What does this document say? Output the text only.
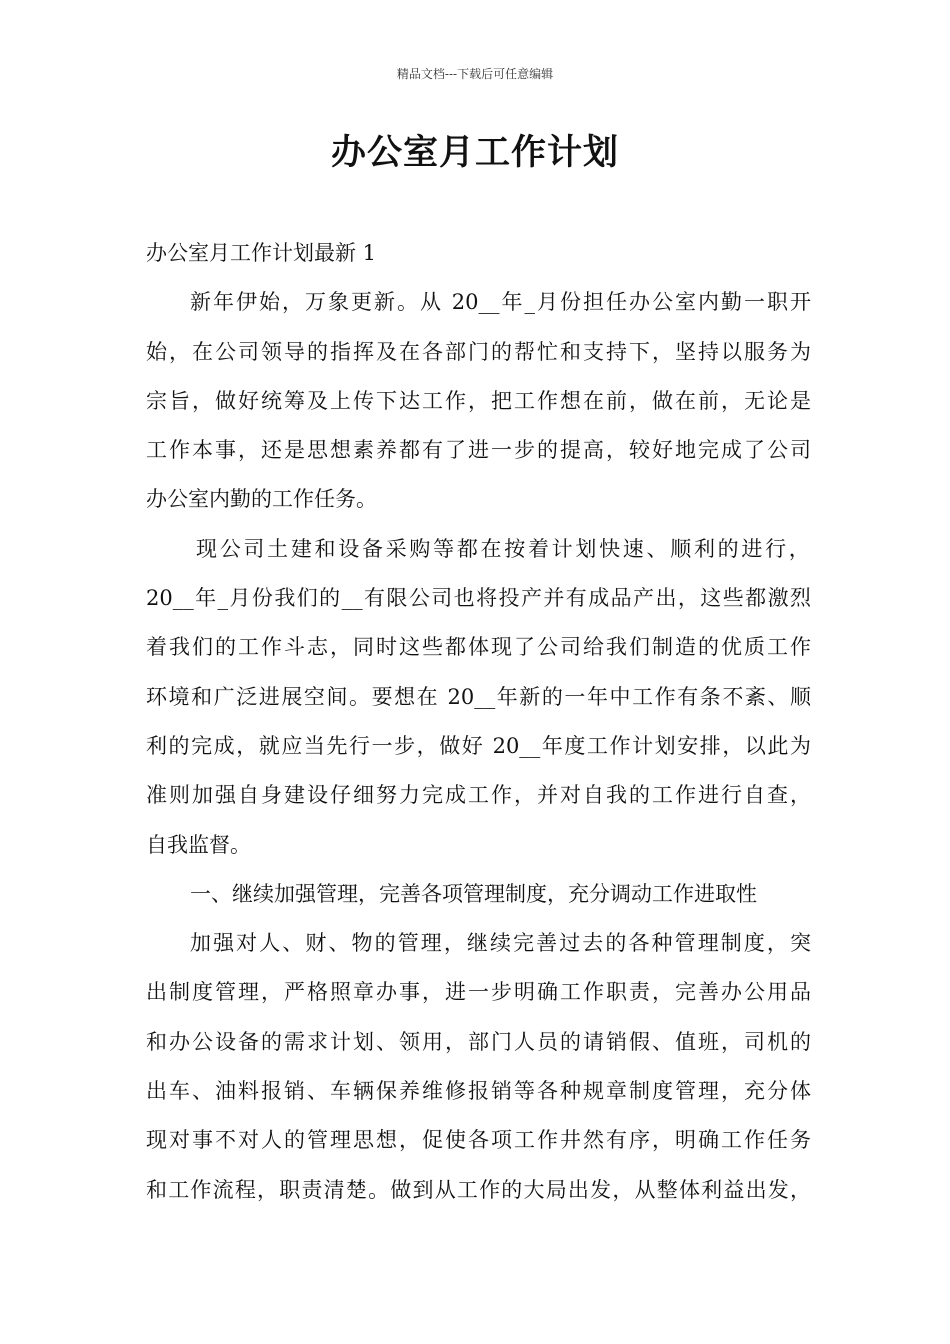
精品文档---下载后可任意编辑
办公室月工作计划
办公室月工作计划最新 1
新年伊始，万象更新。从 20__年_月份担任办公室内勤一职开
始，在公司领导的指挥及在各部门的帮忙和支持下，坚持以服务为
宗旨，做好统筹及上传下达工作，把工作想在前，做在前，无论是
工作本事，还是思想素养都有了进一步的提高，较好地完成了公司
办公室内勤的工作任务。
现公司土建和设备采购等都在按着计划快速、顺利的进行，
20__年_月份我们的__有限公司也将投产并有成品产出，这些都激烈
着我们的工作斗志，同时这些都体现了公司给我们制造的优质工作
环境和广泛进展空间。要想在 20__年新的一年中工作有条不紊、顺
利的完成，就应当先行一步，做好 20__年度工作计划安排，以此为
准则加强自身建设仔细努力完成工作，并对自我的工作进行自查，
自我监督。
一、继续加强管理，完善各项管理制度，充分调动工作进取性
加强对人、财、物的管理，继续完善过去的各种管理制度，突
出制度管理，严格照章办事，进一步明确工作职责，完善办公用品
和办公设备的需求计划、领用，部门人员的请销假、值班，司机的
出车、油料报销、车辆保养维修报销等各种规章制度管理，充分体
现对事不对人的管理思想，促使各项工作井然有序，明确工作任务
和工作流程，职责清楚。做到从工作的大局出发，从整体利益出发，
